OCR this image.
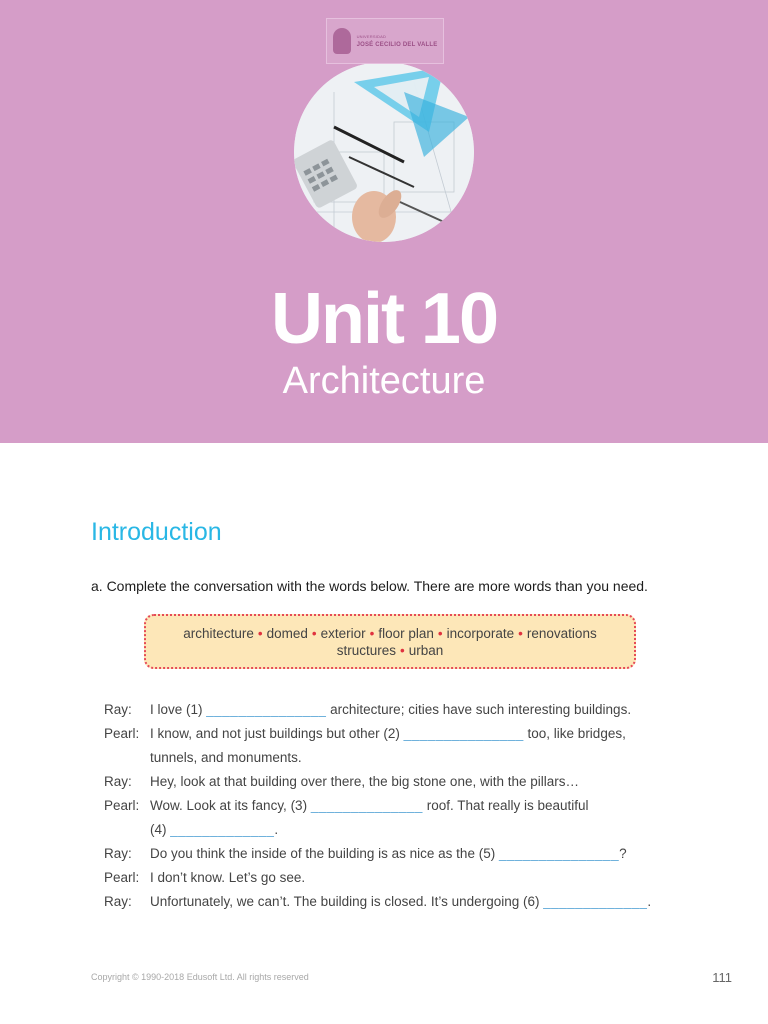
UNIVERSIDAD
JOSÉ CECILIO DEL VALLE
Unit 10
Architecture
Introduction
a. Complete the conversation with the words below. There are more words than you need.
architecture • domed • exterior • floor plan • incorporate • renovations
structures • urban
Ray:	I love (1) _______________ architecture; cities have such interesting buildings.
Pearl: I know, and not just buildings but other (2) _______________ too, like bridges,
tunnels, and monuments.
Ray:	Hey, look at that building over there, the big stone one, with the pillars…
Pearl: Wow. Look at its fancy, (3) ______________ roof. That really is beautiful
(4) _____________.
Ray:	Do you think the inside of the building is as nice as the (5) _______________?
Pearl: I don’t know. Let’s go see.
Ray:	Unfortunately, we can’t. The building is closed. It’s undergoing (6) _____________.
Copyright © 1990-2018 Edusoft Ltd. All rights reserved	111
